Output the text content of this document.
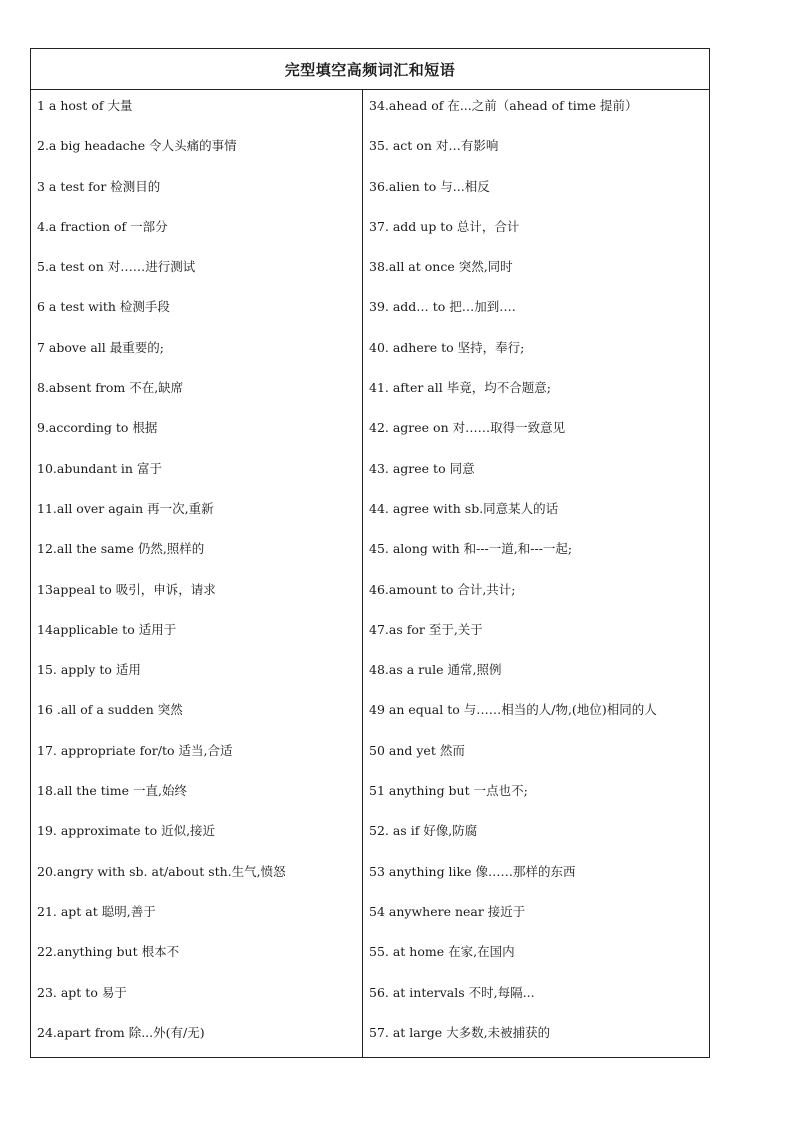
完型填空高频词汇和短语
1 a host of 大量
2.a big headache 令人头痛的事情
3 a test for 检测目的
4.a fraction of 一部分
5.a test on 对……进行测试
6 a test with 检测手段
7 above all 最重要的;
8.absent from 不在,缺席
9.according to 根据
10.abundant in 富于
11.all over again 再一次,重新
12.all the same 仍然,照样的
13appeal to 吸引，申诉，请求
14applicable to 适用于
15. apply to 适用
16 .all of a sudden 突然
17. appropriate for/to 适当,合适
18.all the time 一直,始终
19. approximate to 近似,接近
20.angry with sb. at/about sth.生气,愤怒
21. apt at 聪明,善于
22.anything but 根本不
23. apt to 易于
24.apart from 除...外(有/无)
34.ahead of 在...之前（ahead of time 提前）
35. act on 对…有影响
36.alien to 与...相反
37. add up to 总计，合计
38.all at once 突然,同时
39. add… to 把…加到….
40. adhere to 坚持，奉行;
41. after all 毕竟，均不合题意;
42. agree on 对……取得一致意见
43. agree to 同意
44. agree with sb.同意某人的话
45. along with 和---一道,和---一起;
46.amount to 合计,共计;
47.as for 至于,关于
48.as a rule 通常,照例
49 an equal to 与……相当的人/物,(地位)相同的人
50 and yet 然而
51 anything but 一点也不;
52. as if 好像,防腐
53 anything like 像……那样的东西
54 anywhere near 接近于
55. at home 在家,在国内
56. at intervals 不时,每隔...
57. at large 大多数,未被捕获的
